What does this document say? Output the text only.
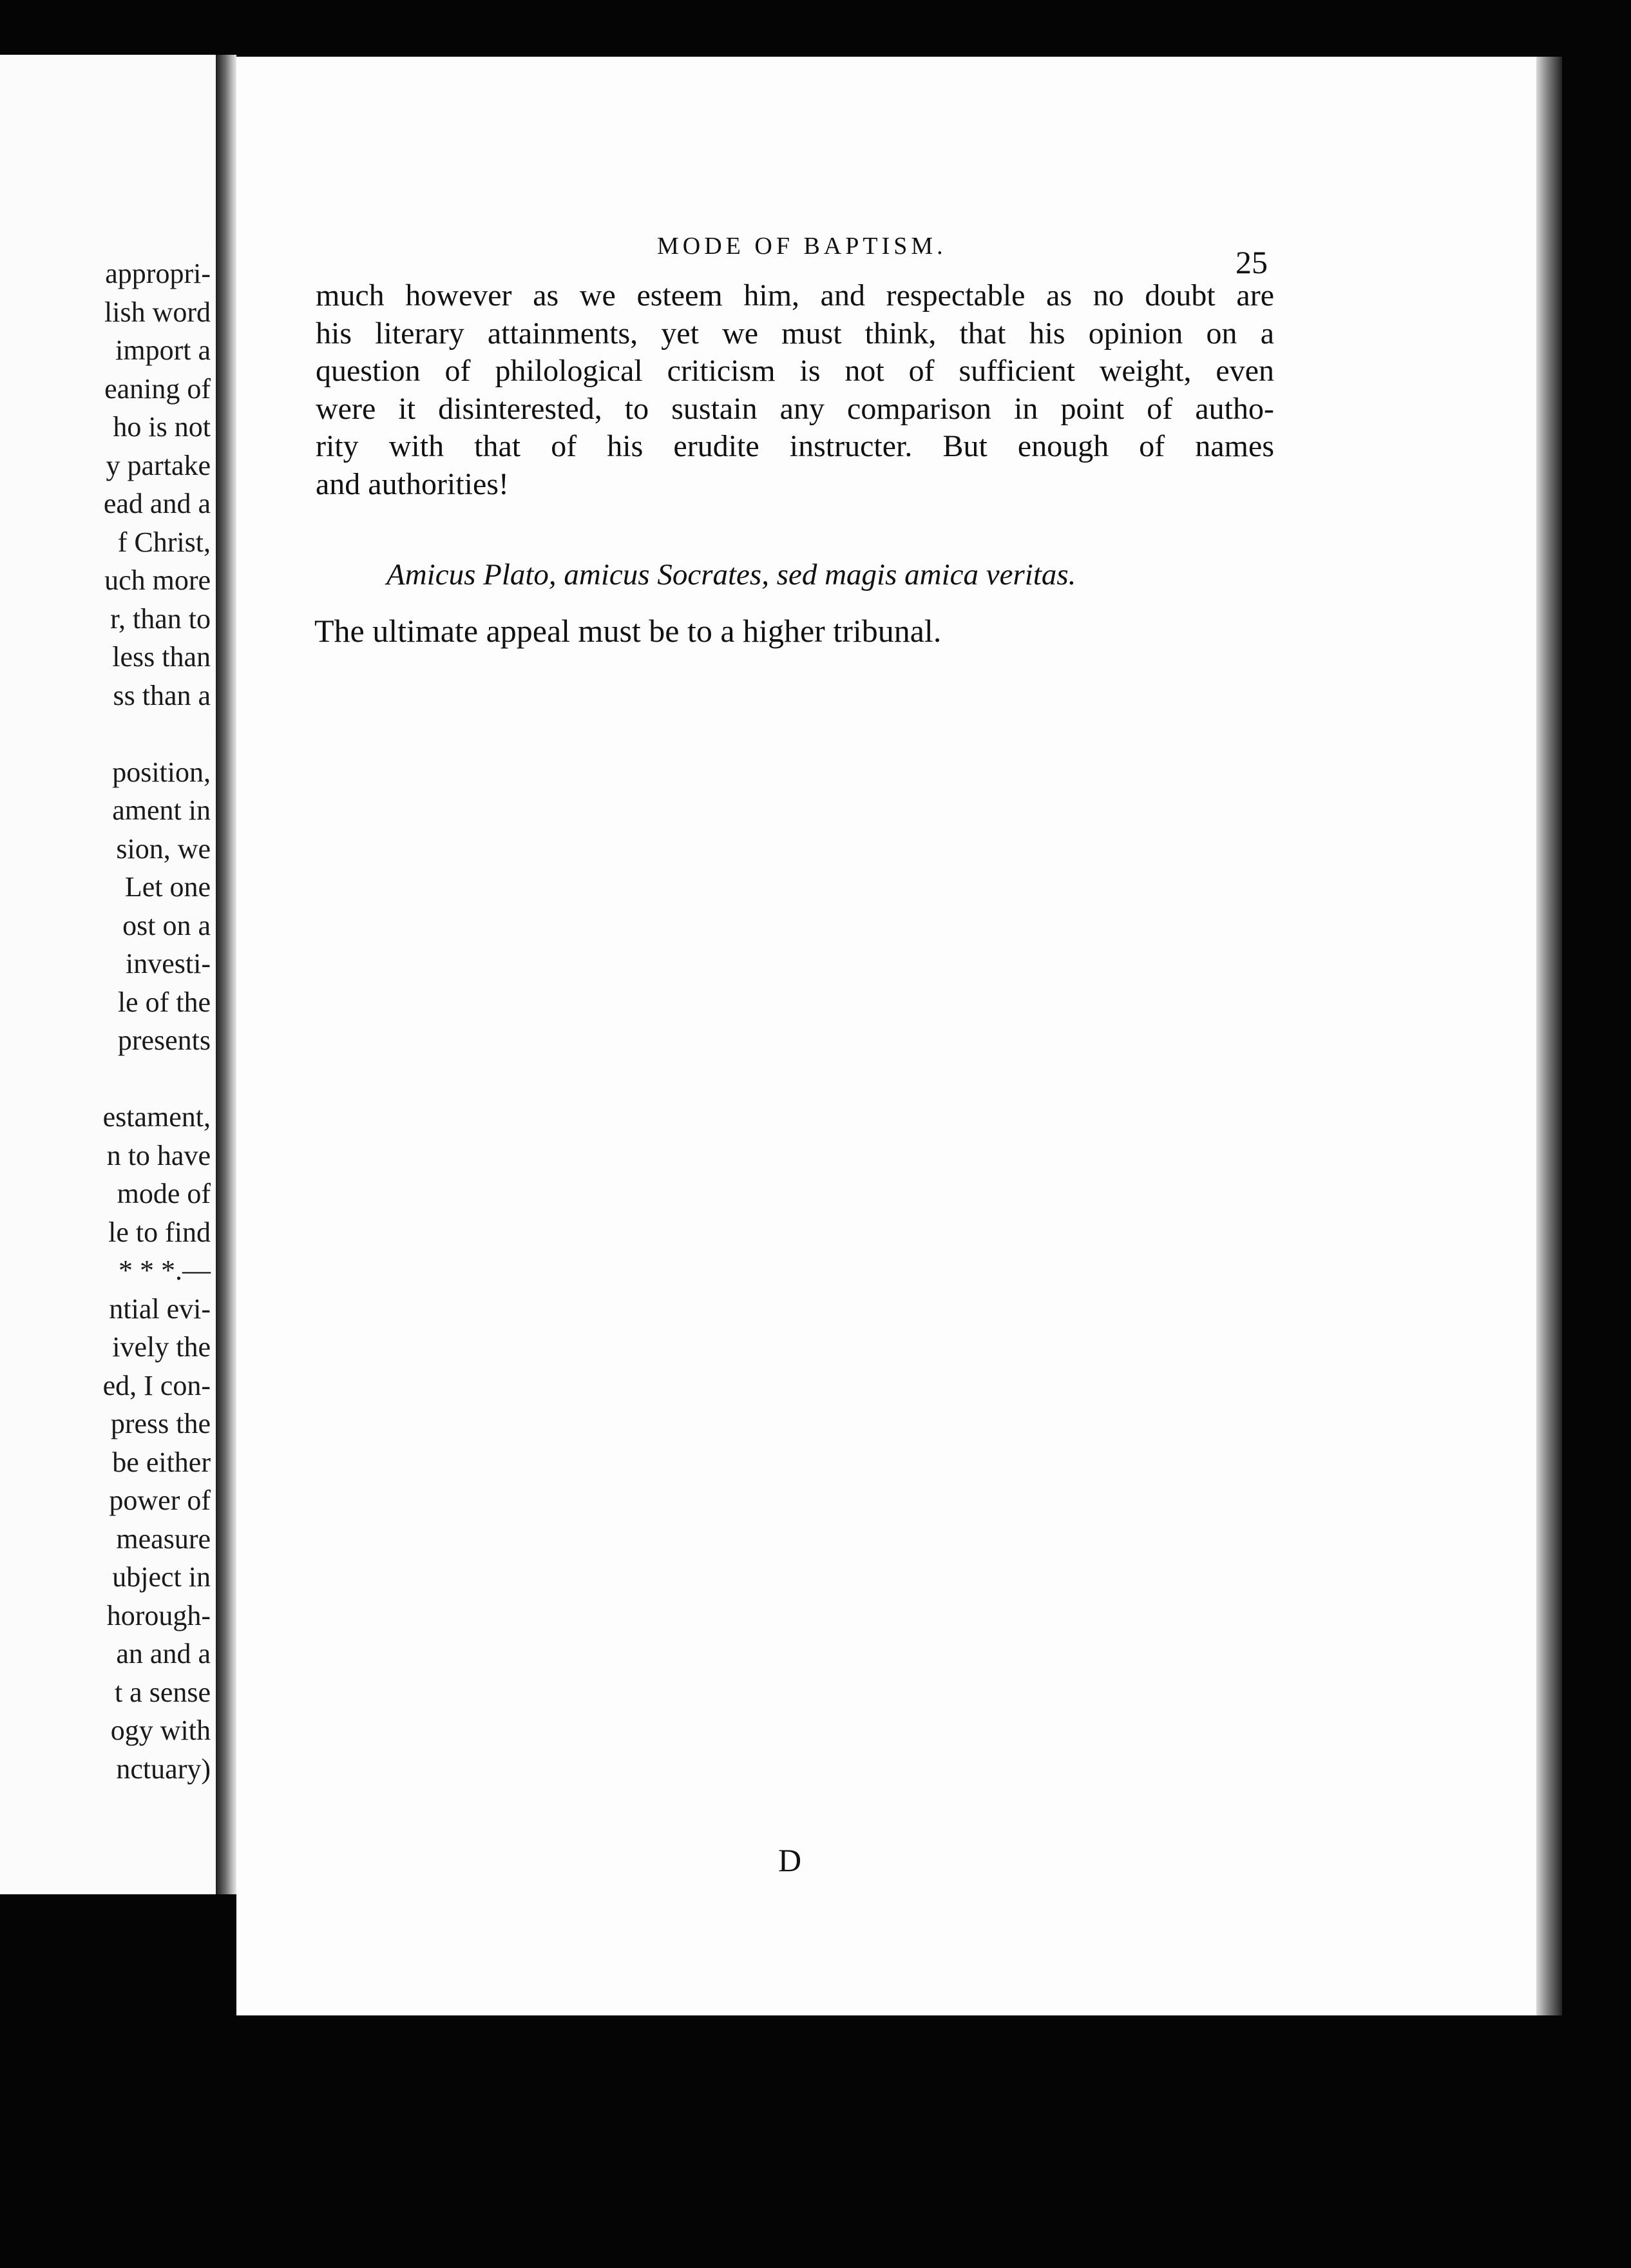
appropri-
lish word
import a
eaning of
ho is not
y partake
ead and a
f Christ,
uch more
r, than to
less than
ss than a
position,
ament in
sion, we
Let one
ost on a
investi-
le of the
presents
estament,
n to have
mode of
le to find
* * *.—
ntial evi-
ively the
ed, I con-
press the
be either
power of
measure
ubject in
horough-
an and a
t a sense
ogy with
nctuary)
MODE OF BAPTISM.	25
much however as we esteem him, and respectable as no doubt are
his literary attainments, yet we must think, that his opinion on a
question of philological criticism is not of sufficient weight, even
were it disinterested, to sustain any comparison in point of autho-
rity with that of his erudite instructer. But enough of names
and authorities!
Amicus Plato, amicus Socrates, sed magis amica veritas.
The ultimate appeal must be to a higher tribunal.
D
